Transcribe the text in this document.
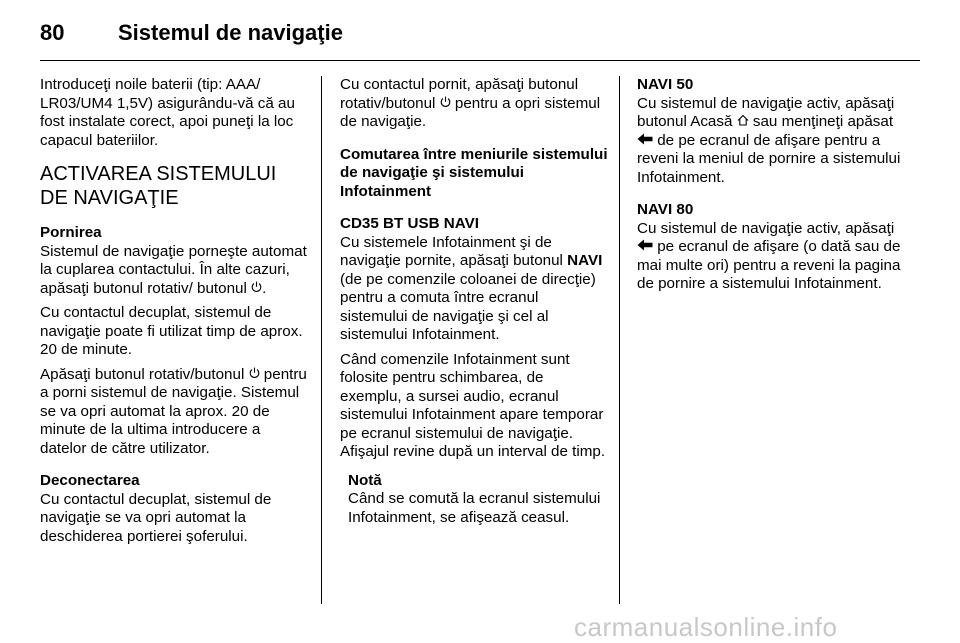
80 Sistemul de navigaţie

Introduceţi noile baterii (tip: AAA/ LR03/UM4 1,5V) asigurându-vă că au fost instalate corect, apoi puneţi la loc capacul bateriilor.

ACTIVAREA SISTEMULUI DE NAVIGAŢIE

Pornirea

Sistemul de navigaţie porneşte automat la cuplarea contactului. În alte cazuri, apăsaţi butonul rotativ/ butonul .

Cu contactul decuplat, sistemul de navigaţie poate fi utilizat timp de aprox. 20 de minute.

Apăsaţi butonul rotativ/butonul pentru a porni sistemul de navigaţie. Sistemul se va opri automat la aprox. 20 de minute de la ultima introducere a datelor de către utilizator.

Deconectarea

Cu contactul decuplat, sistemul de navigaţie se va opri automat la deschiderea portierei şoferului.

Cu contactul pornit, apăsaţi butonul rotativ/butonul pentru a opri sistemul de navigaţie.

Comutarea între meniurile sistemului de navigaţie şi sistemului Infotainment

CD35 BT USB NAVI

Cu sistemele Infotainment şi de navigaţie pornite, apăsaţi butonul NAVI (de pe comenzile coloanei de direcţie) pentru a comuta între ecranul sistemului de navigaţie şi cel al sistemului Infotainment.

Când comenzile Infotainment sunt folosite pentru schimbarea, de exemplu, a sursei audio, ecranul sistemului Infotainment apare temporar pe ecranul sistemului de navigaţie. Afişajul revine după un interval de timp.

Notă
Când se comută la ecranul sistemului Infotainment, se afişează ceasul.

NAVI 50

Cu sistemul de navigaţie activ, apăsaţi butonul Acasă sau menţineţi apăsat  de pe ecranul de afişare pentru a reveni la meniul de pornire a sistemului Infotainment.

NAVI 80

Cu sistemul de navigaţie activ, apăsaţi  pe ecranul de afişare (o dată sau de mai multe ori) pentru a reveni la pagina de pornire a sistemului Infotainment.

carmanualsonline.info
